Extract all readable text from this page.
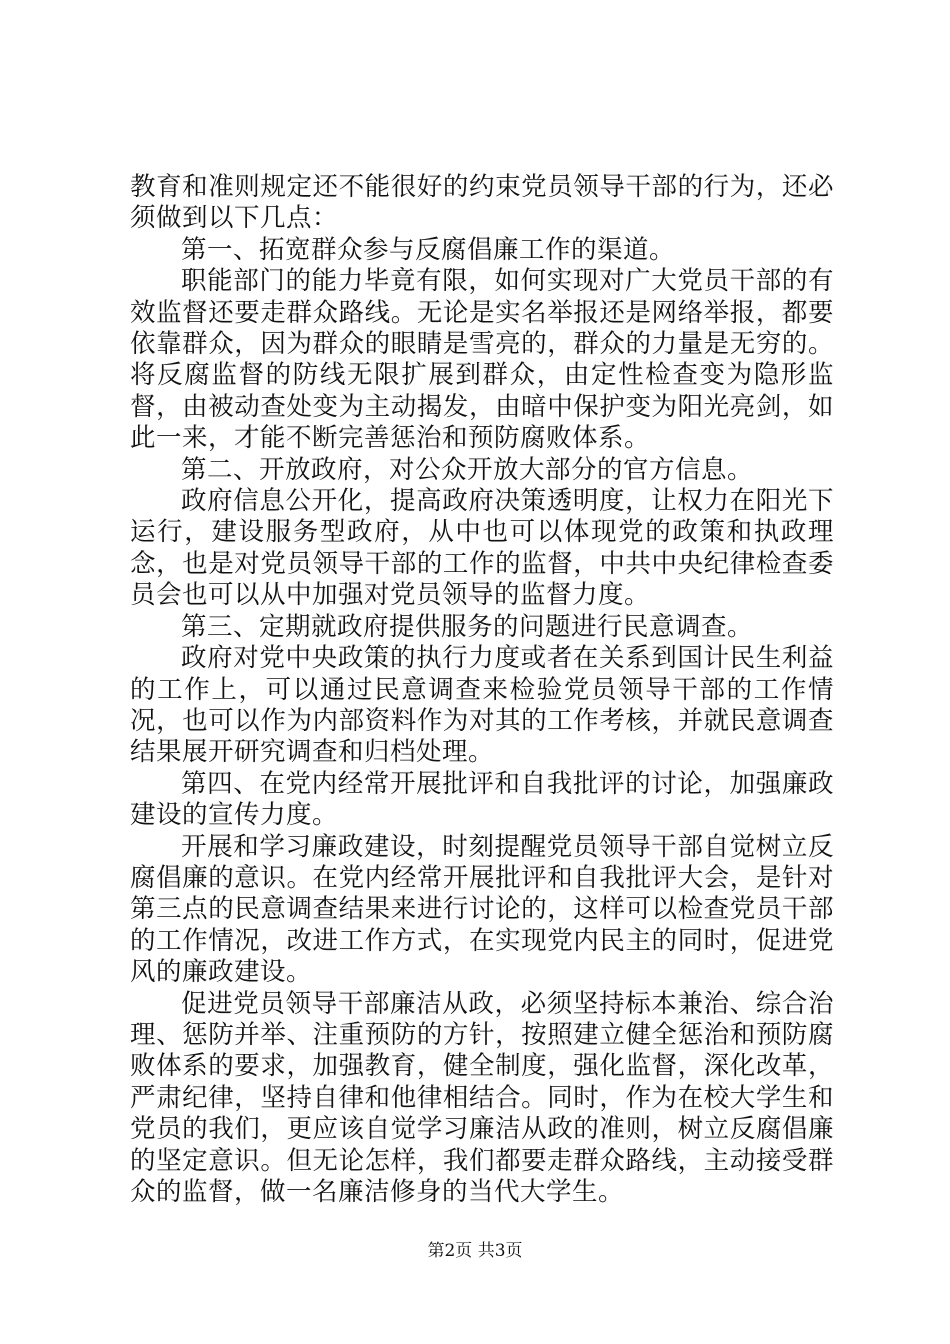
教育和准则规定还不能很好的约束党员领导干部的行为，还必须做到以下几点：

第一、拓宽群众参与反腐倡廉工作的渠道。

职能部门的能力毕竟有限，如何实现对广大党员干部的有效监督还要走群众路线。无论是实名举报还是网络举报，都要依靠群众，因为群众的眼睛是雪亮的，群众的力量是无穷的。将反腐监督的防线无限扩展到群众，由定性检查变为隐形监督，由被动查处变为主动揭发，由暗中保护变为阳光亮剑，如此一来，才能不断完善惩治和预防腐败体系。

第二、开放政府，对公众开放大部分的官方信息。

政府信息公开化，提高政府决策透明度，让权力在阳光下运行，建设服务型政府，从中也可以体现党的政策和执政理念，也是对党员领导干部的工作的监督，中共中央纪律检查委员会也可以从中加强对党员领导的监督力度。

第三、定期就政府提供服务的问题进行民意调查。

政府对党中央政策的执行力度或者在关系到国计民生利益的工作上，可以通过民意调查来检验党员领导干部的工作情况，也可以作为内部资料作为对其的工作考核，并就民意调查结果展开研究调查和归档处理。

第四、在党内经常开展批评和自我批评的讨论，加强廉政建设的宣传力度。

开展和学习廉政建设，时刻提醒党员领导干部自觉树立反腐倡廉的意识。在党内经常开展批评和自我批评大会，是针对第三点的民意调查结果来进行讨论的，这样可以检查党员干部的工作情况，改进工作方式，在实现党内民主的同时，促进党风的廉政建设。

促进党员领导干部廉洁从政，必须坚持标本兼治、综合治理、惩防并举、注重预防的方针，按照建立健全惩治和预防腐败体系的要求，加强教育，健全制度，强化监督，深化改革，严肃纪律，坚持自律和他律相结合。同时，作为在校大学生和党员的我们，更应该自觉学习廉洁从政的准则，树立反腐倡廉的坚定意识。但无论怎样，我们都要走群众路线，主动接受群众的监督，做一名廉洁修身的当代大学生。

第2页 共3页
